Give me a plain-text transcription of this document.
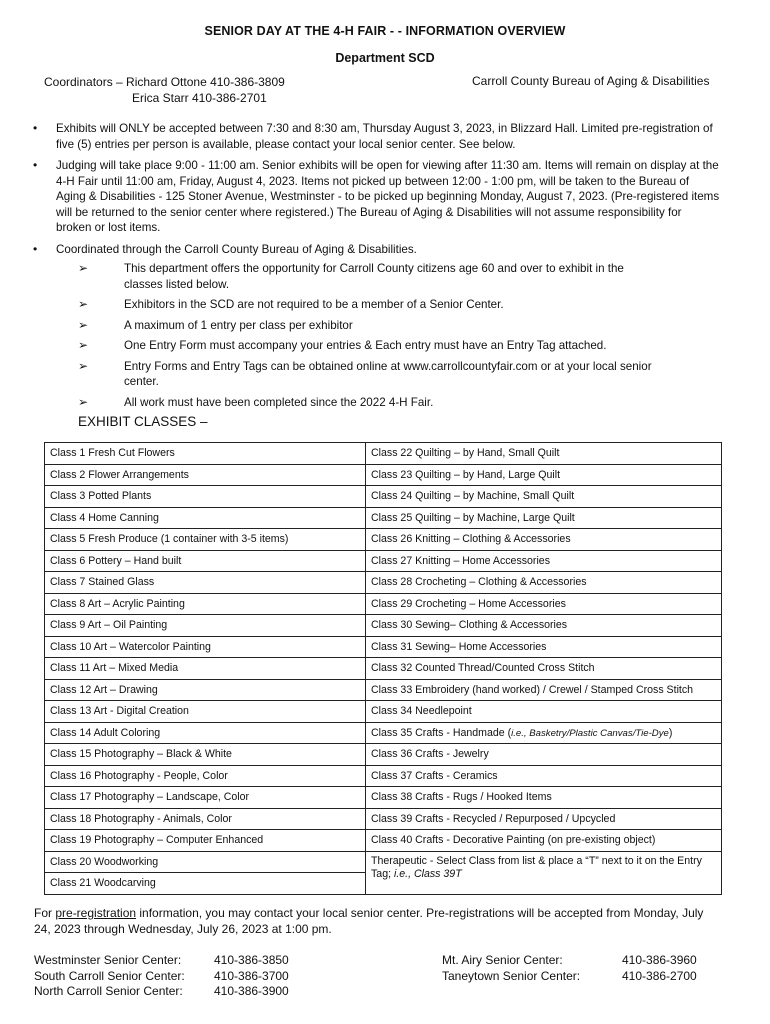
SENIOR DAY AT THE 4-H FAIR - - INFORMATION OVERVIEW
Department SCD
Coordinators – Richard Ottone 410-386-3809
Erica Starr 410-386-2701
Carroll County Bureau of Aging & Disabilities
• Exhibits will ONLY be accepted between 7:30 and 8:30 am, Thursday August 3, 2023, in Blizzard Hall. Limited pre-registration of five (5) entries per person is available, please contact your local senior center. See below.
• Judging will take place 9:00 - 11:00 am. Senior exhibits will be open for viewing after 11:30 am. Items will remain on display at the 4-H Fair until 11:00 am, Friday, August 4, 2023. Items not picked up between 12:00 - 1:00 pm, will be taken to the Bureau of Aging & Disabilities - 125 Stoner Avenue, Westminster - to be picked up beginning Monday, August 7, 2023. (Pre-registered items will be returned to the senior center where registered.) The Bureau of Aging & Disabilities will not assume responsibility for broken or lost items.
• Coordinated through the Carroll County Bureau of Aging & Disabilities.
➢	This department offers the opportunity for Carroll County citizens age 60 and over to exhibit in the classes listed below.
➢	Exhibitors in the SCD are not required to be a member of a Senior Center.
➢	A maximum of 1 entry per class per exhibitor
➢	One Entry Form must accompany your entries & Each entry must have an Entry Tag attached.
➢	Entry Forms and Entry Tags can be obtained online at www.carrollcountyfair.com or at your local senior center.
➢	All work must have been completed since the 2022 4-H Fair.
EXHIBIT CLASSES –
Class 1 Fresh Cut Flowers	Class 22 Quilting – by Hand, Small Quilt
Class 2 Flower Arrangements	Class 23 Quilting – by Hand, Large Quilt
Class 3 Potted Plants	Class 24 Quilting – by Machine, Small Quilt
Class 4 Home Canning	Class 25 Quilting – by Machine, Large Quilt
Class 5 Fresh Produce (1 container with 3-5 items)	Class 26 Knitting – Clothing & Accessories
Class 6 Pottery – Hand built	Class 27 Knitting – Home Accessories
Class 7 Stained Glass	Class 28 Crocheting – Clothing & Accessories
Class 8 Art – Acrylic Painting	Class 29 Crocheting – Home Accessories
Class 9 Art – Oil Painting	Class 30 Sewing– Clothing & Accessories
Class 10 Art – Watercolor Painting	Class 31 Sewing– Home Accessories
Class 11 Art – Mixed Media	Class 32 Counted Thread/Counted Cross Stitch
Class 12 Art – Drawing	Class 33 Embroidery (hand worked) / Crewel / Stamped Cross Stitch
Class 13 Art - Digital Creation	Class 34 Needlepoint
Class 14 Adult Coloring	Class 35 Crafts - Handmade (i.e., Basketry/Plastic Canvas/Tie-Dye)
Class 15 Photography – Black & White	Class 36 Crafts - Jewelry
Class 16 Photography - People, Color	Class 37 Crafts - Ceramics
Class 17 Photography – Landscape, Color	Class 38 Crafts - Rugs / Hooked Items
Class 18 Photography - Animals, Color	Class 39 Crafts - Recycled / Repurposed / Upcycled
Class 19 Photography – Computer Enhanced	Class 40 Crafts - Decorative Painting (on pre-existing object)
Class 20 Woodworking	Therapeutic - Select Class from list & place a “T” next to it on the Entry Tag; i.e., Class 39T
Class 21 Woodcarving	
For pre-registration information, you may contact your local senior center. Pre-registrations will be accepted from Monday, July 24, 2023 through Wednesday, July 26, 2023 at 1:00 pm.
Westminster Senior Center:	410-386-3850
South Carroll Senior Center:	410-386-3700
North Carroll Senior Center:	410-386-3900
Mt. Airy Senior Center:	410-386-3960
Taneytown Senior Center:	410-386-2700
